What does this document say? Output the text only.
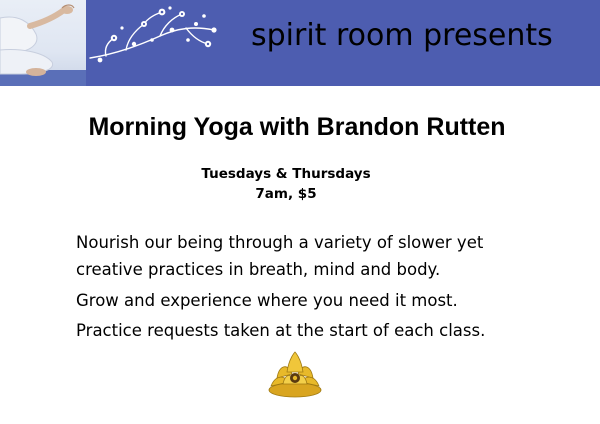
spirit room presents
Morning Yoga with Brandon Rutten
Tuesdays & Thursdays
7am, $5
Nourish our being through a variety of slower yet
creative practices in breath, mind and body.
Grow and experience where you need it most.
Practice requests taken at the start of each class.
